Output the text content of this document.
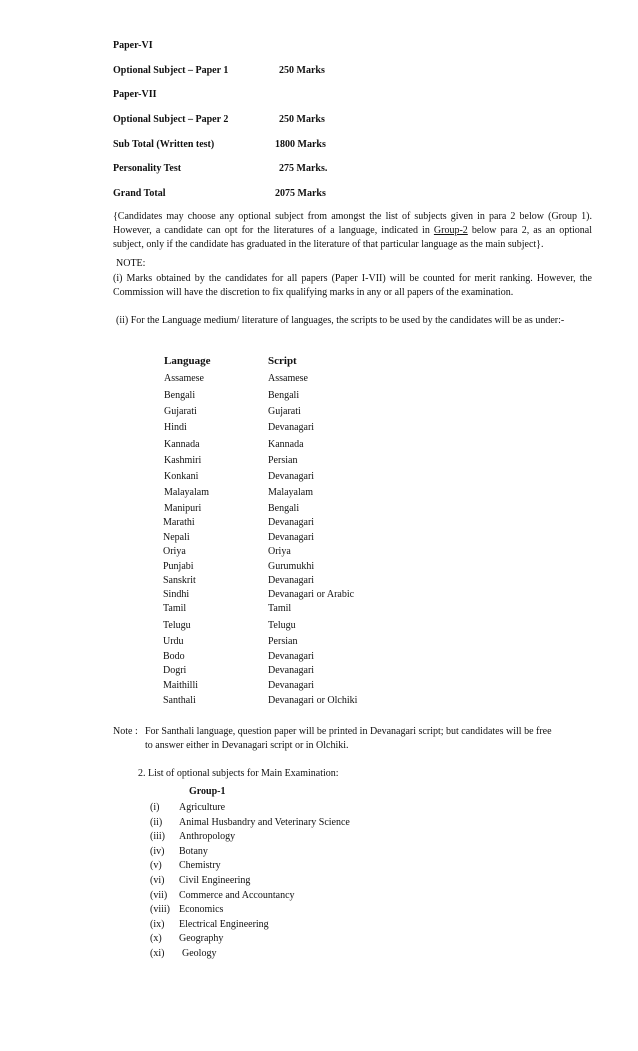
Paper-VI
Optional Subject – Paper 1	250 Marks
Paper-VII
Optional Subject – Paper 2	250 Marks
Sub Total (Written test)	1800 Marks
Personality Test	275 Marks.
Grand Total	2075 Marks
{Candidates may choose any optional subject from amongst the list of subjects given in para 2 below (Group 1). However, a candidate can opt for the literatures of a language, indicated in Group-2 below para 2, as an optional subject, only if the candidate has graduated in the literature of that particular language as the main subject}.
NOTE:
(i) Marks obtained by the candidates for all papers (Paper I-VII) will be counted for merit ranking. However, the Commission will have the discretion to fix qualifying marks in any or all papers of the examination.
(ii) For the Language medium/ literature of languages, the scripts to be used by the candidates will be as under:-
Language	Script
Assamese	Assamese
Bengali	Bengali
Gujarati	Gujarati
Hindi	Devanagari
Kannada	Kannada
Kashmiri	Persian
Konkani	Devanagari
Malayalam	Malayalam
Manipuri	Bengali
Marathi	Devanagari
Nepali	Devanagari
Oriya	Oriya
Punjabi	Gurumukhi
Sanskrit	Devanagari
Sindhi	Devanagari or Arabic
Tamil	Tamil
Telugu	Telugu
Urdu	Persian
Bodo	Devanagari
Dogri	Devanagari
Maithilli	Devanagari
Santhali	Devanagari or Olchiki
Note : For Santhali language, question paper will be printed in Devanagari script; but candidates will be free
to answer either in Devanagari script or in Olchiki.
2. List of optional subjects for Main Examination:
Group-1
(i) Agriculture
(ii) Animal Husbandry and Veterinary Science
(iii) Anthropology
(iv) Botany
(v) Chemistry
(vi) Civil Engineering
(vii) Commerce and Accountancy
(viii) Economics
(ix) Electrical Engineering
(x) Geography
(xi) Geology
